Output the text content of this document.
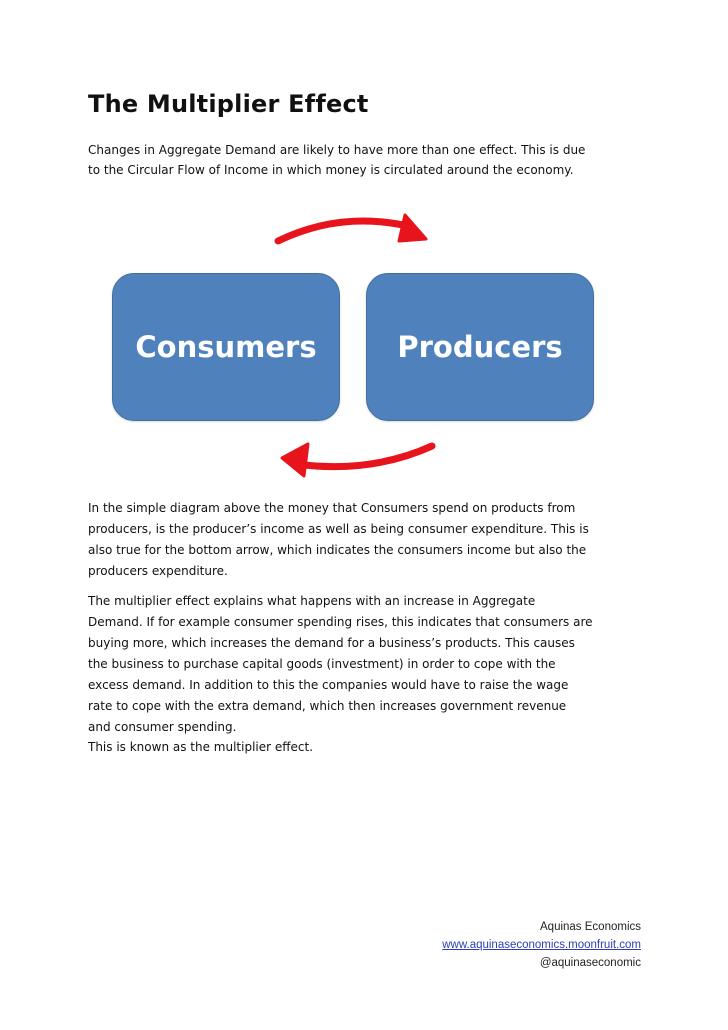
The Multiplier Effect

Changes in Aggregate Demand are likely to have more than one effect. This is due
to the Circular Flow of Income in which money is circulated around the economy.

Consumers	Producers

In the simple diagram above the money that Consumers spend on products from
producers, is the producer’s income as well as being consumer expenditure. This is
also true for the bottom arrow, which indicates the consumers income but also the
producers expenditure.

The multiplier effect explains what happens with an increase in Aggregate
Demand. If for example consumer spending rises, this indicates that consumers are
buying more, which increases the demand for a business’s products. This causes
the business to purchase capital goods (investment) in order to cope with the
excess demand. In addition to this the companies would have to raise the wage
rate to cope with the extra demand, which then increases government revenue
and consumer spending.

This is known as the multiplier effect.

Aquinas Economics
www.aquinaseconomics.moonfruit.com
@aquinaseconomic
